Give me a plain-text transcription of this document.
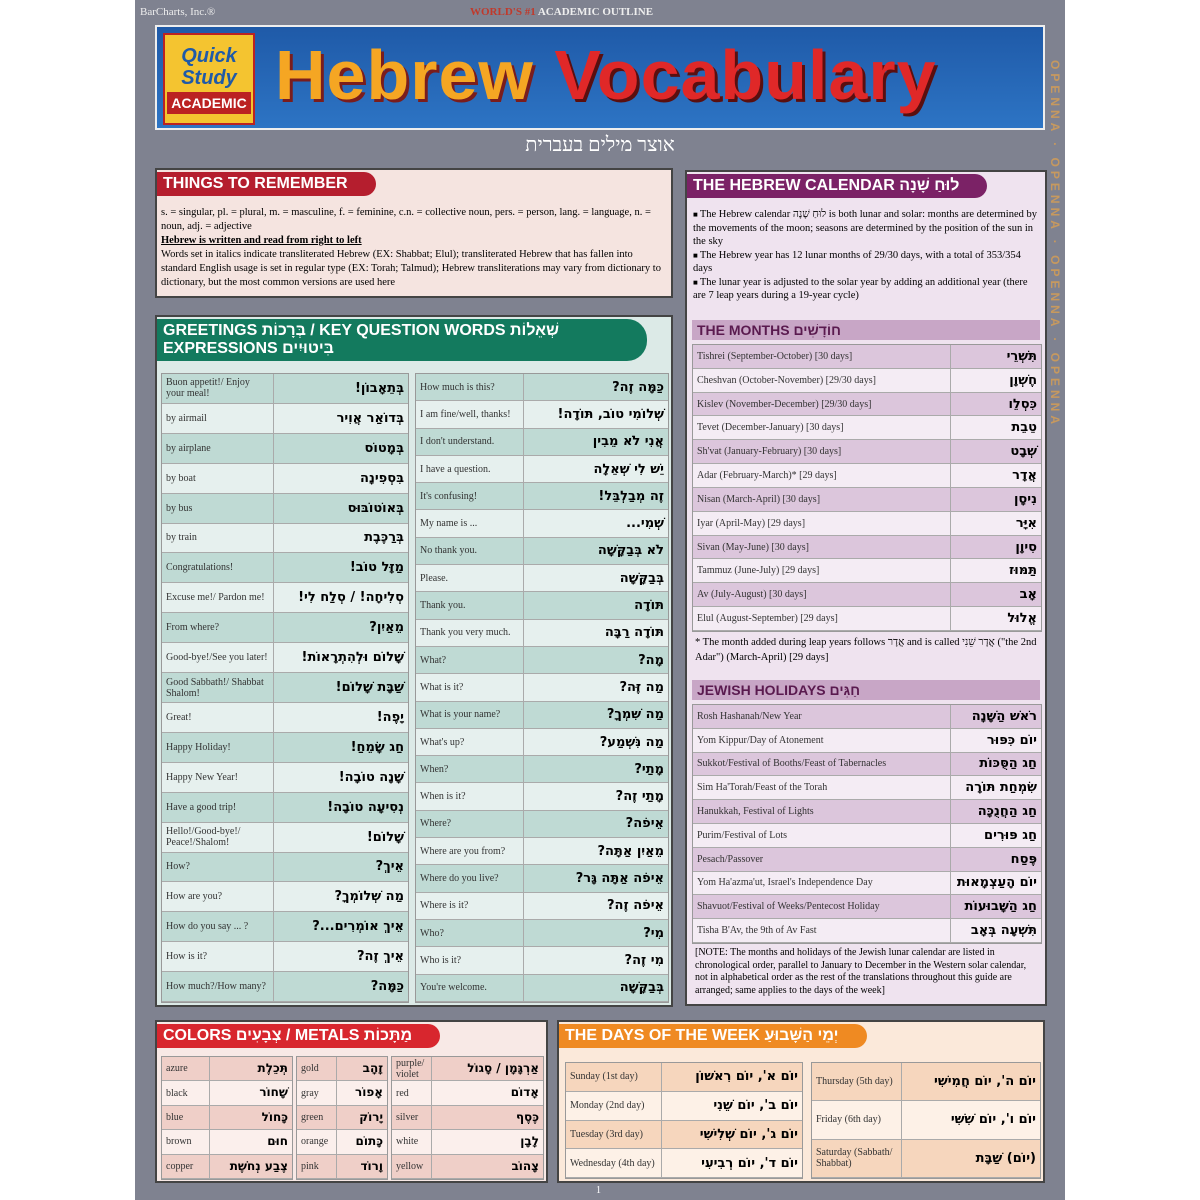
BarCharts, Inc.®	WORLD'S #1 ACADEMIC OUTLINE
Quick
Study
ACADEMIC Hebrew Vocabulary
אוצר מילים בעברית	OPENNA · OPENNA · OPENNA · OPENNA
THINGS TO REMEMBER
s. = singular, pl. = plural, m. = masculine, f. = feminine, c.n. = collective noun, pers. = person, lang. = language, n. = noun, adj. = adjective
Hebrew is written and read from right to left
Words set in italics indicate transliterated Hebrew (EX: Shabbat; Elul); transliterated Hebrew that has fallen into standard English usage is set in regular type (EX: Torah; Talmud); Hebrew transliterations may vary from dictionary to dictionary, but the most common versions are used here
GREETINGS בְּרָכוֹת / KEY QUESTION WORDS שְׁאֵלוֹת EXPRESSIONS בִּיטוּיִים
Buon appetit!/ Enjoy your meal!	בְּתֵאָבוֹן!
by airmail	בְּדוֹאַר אֲוִיר
by airplane	בְּמָטוֹס
by boat	בִּסְפִינָה
by bus	בְּאוֹטוֹבּוּס
by train	בְּרַכֶּבֶת
Congratulations!	מַזָּל טוֹב!
Excuse me!/ Pardon me!	סְלִיחָה! / סְלַח לִי!
From where?	מֵאַיִן?
Good-bye!/See you later!	שָׁלוֹם וּלְהִתְרָאוֹת!
Good Sabbath!/ Shabbat Shalom!	שַׁבָּת שָׁלוֹם!
Great!	יָפֶה!
Happy Holiday!	חַג שָׂמֵחַ!
Happy New Year!	שָׁנָה טוֹבָה!
Have a good trip!	נְסִיעָה טוֹבָה!
Hello!/Good-bye!/ Peace!/Shalom!	שָׁלוֹם!
How?	אֵיךְ?
How are you?	מַה שְּׁלוֹמְךָ?
How do you say ... ?	אֵיךְ אוֹמְרִים...?
How is it?	אֵיךְ זֶה?
How much?/How many?	כַּמָּה?
How much is this?	כַּמָּה זֶה?
I am fine/well, thanks!	שְׁלוֹמִי טוֹב, תּוֹדָה!
I don't understand.	אֲנִי לֹא מֵבִין
I have a question.	יֵשׁ לִי שְׁאֵלָה
It's confusing!	זֶה מְבַלְבֵּל!
My name is ...	שְׁמִי...
No thank you.	לֹא בְּבַקָּשָׁה
Please.	בְּבַקָּשָׁה
Thank you.	תּוֹדָה
Thank you very much.	תּוֹדָה רַבָּה
What?	מָה?
What is it?	מַה זֶּה?
What is your name?	מַה שִּׁמְךָ?
What's up?	מַה נִּשְׁמַע?
When?	מָתַי?
When is it?	מָתַי זֶה?
Where?	אֵיפֹה?
Where are you from?	מֵאַיִן אַתָּה?
Where do you live?	אֵיפֹה אַתָּה גָּר?
Where is it?	אֵיפֹה זֶה?
Who?	מִי?
Who is it?	מִי זֶה?
You're welcome.	בְּבַקָּשָׁה
THE HEBREW CALENDAR לוּחַ שָׁנָה
■ The Hebrew calendar לוּחַ שָׁנָה is both lunar and solar: months are determined by the movements of the moon; seasons are determined by the position of the sun in the sky
■ The Hebrew year has 12 lunar months of 29/30 days, with a total of 353/354 days
■ The lunar year is adjusted to the solar year by adding an additional year (there are 7 leap years during a 19-year cycle)
THE MONTHS חוֹדָשִׁים
Tishrei (September-October) [30 days]	תִּשְׁרֵי
Cheshvan (October-November) [29/30 days]	חֶשְׁוָן
Kislev (November-December) [29/30 days]	כִּסְלֵו
Tevet (December-January) [30 days]	טֵבֵת
Sh'vat (January-February) [30 days]	שְׁבָט
Adar (February-March)* [29 days]	אֲדָר
Nisan (March-April) [30 days]	נִיסָן
Iyar (April-May) [29 days]	אִיָּר
Sivan (May-June) [30 days]	סִיוָן
Tammuz (June-July) [29 days]	תַּמּוּז
Av (July-August) [30 days]	אָב
Elul (August-September) [29 days]	אֱלוּל
* The month added during leap years follows אֲדָר and is called אֲדָר שֵׁנִי ("the 2nd Adar") (March-April) [29 days]
JEWISH HOLIDAYS חַגִּים
Rosh Hashanah/New Year	רֹאשׁ הַשָּׁנָה
Yom Kippur/Day of Atonement	יוֹם כִּפּוּר
Sukkot/Festival of Booths/Feast of Tabernacles	חַג הַסֻּכּוֹת
Sim Ha'Torah/Feast of the Torah	שִׂמְחַת תּוֹרָה
Hanukkah, Festival of Lights	חַג הַחֲנֻכָּה
Purim/Festival of Lots	חַג פּוּרִים
Pesach/Passover	פֶּסַח
Yom Ha'azma'ut, Israel's Independence Day	יוֹם הָעַצְמָאוּת
Shavuot/Festival of Weeks/Pentecost Holiday	חַג הַשָּׁבוּעוֹת
Tisha B'Av, the 9th of Av Fast	תִּשְׁעָה בְּאָב
[NOTE: The months and holidays of the Jewish lunar calendar are listed in chronological order, parallel to January to December in the Western solar calendar, not in alphabetical order as the rest of the translations throughout this guide are arranged; same applies to the days of the week]
COLORS צְבָעִים / METALS מַתָּכוֹת
azure	תְּכֵלֶת
black	שָׁחוֹר
blue	כָּחוֹל
brown	חוּם
copper	צֶבַע נְחֹשֶׁת
gold	זָהָב
gray	אָפוֹר
green	יָרוֹק
orange	כָּתוֹם
pink	וָרוֹד
purple/ violet	אַרְגָּמָן / סָגוֹל
red	אָדוֹם
silver	כֶּסֶף
white	לָבָן
yellow	צָהוֹב
THE DAYS OF THE WEEK יְמֵי הַשָּׁבוּעַ
Sunday (1st day)	יוֹם א', יוֹם רִאשׁוֹן
Monday (2nd day)	יוֹם ב', יוֹם שֵׁנִי
Tuesday (3rd day)	יוֹם ג', יוֹם שְׁלִישִׁי
Wednesday (4th day)	יוֹם ד', יוֹם רְבִיעִי
Thursday (5th day)	יוֹם ה', יוֹם חֲמִישִׁי
Friday (6th day)	יוֹם ו', יוֹם שִׁשִּׁי
Saturday (Sabbath/ Shabbat)	(יוֹם) שַׁבָּת
1
